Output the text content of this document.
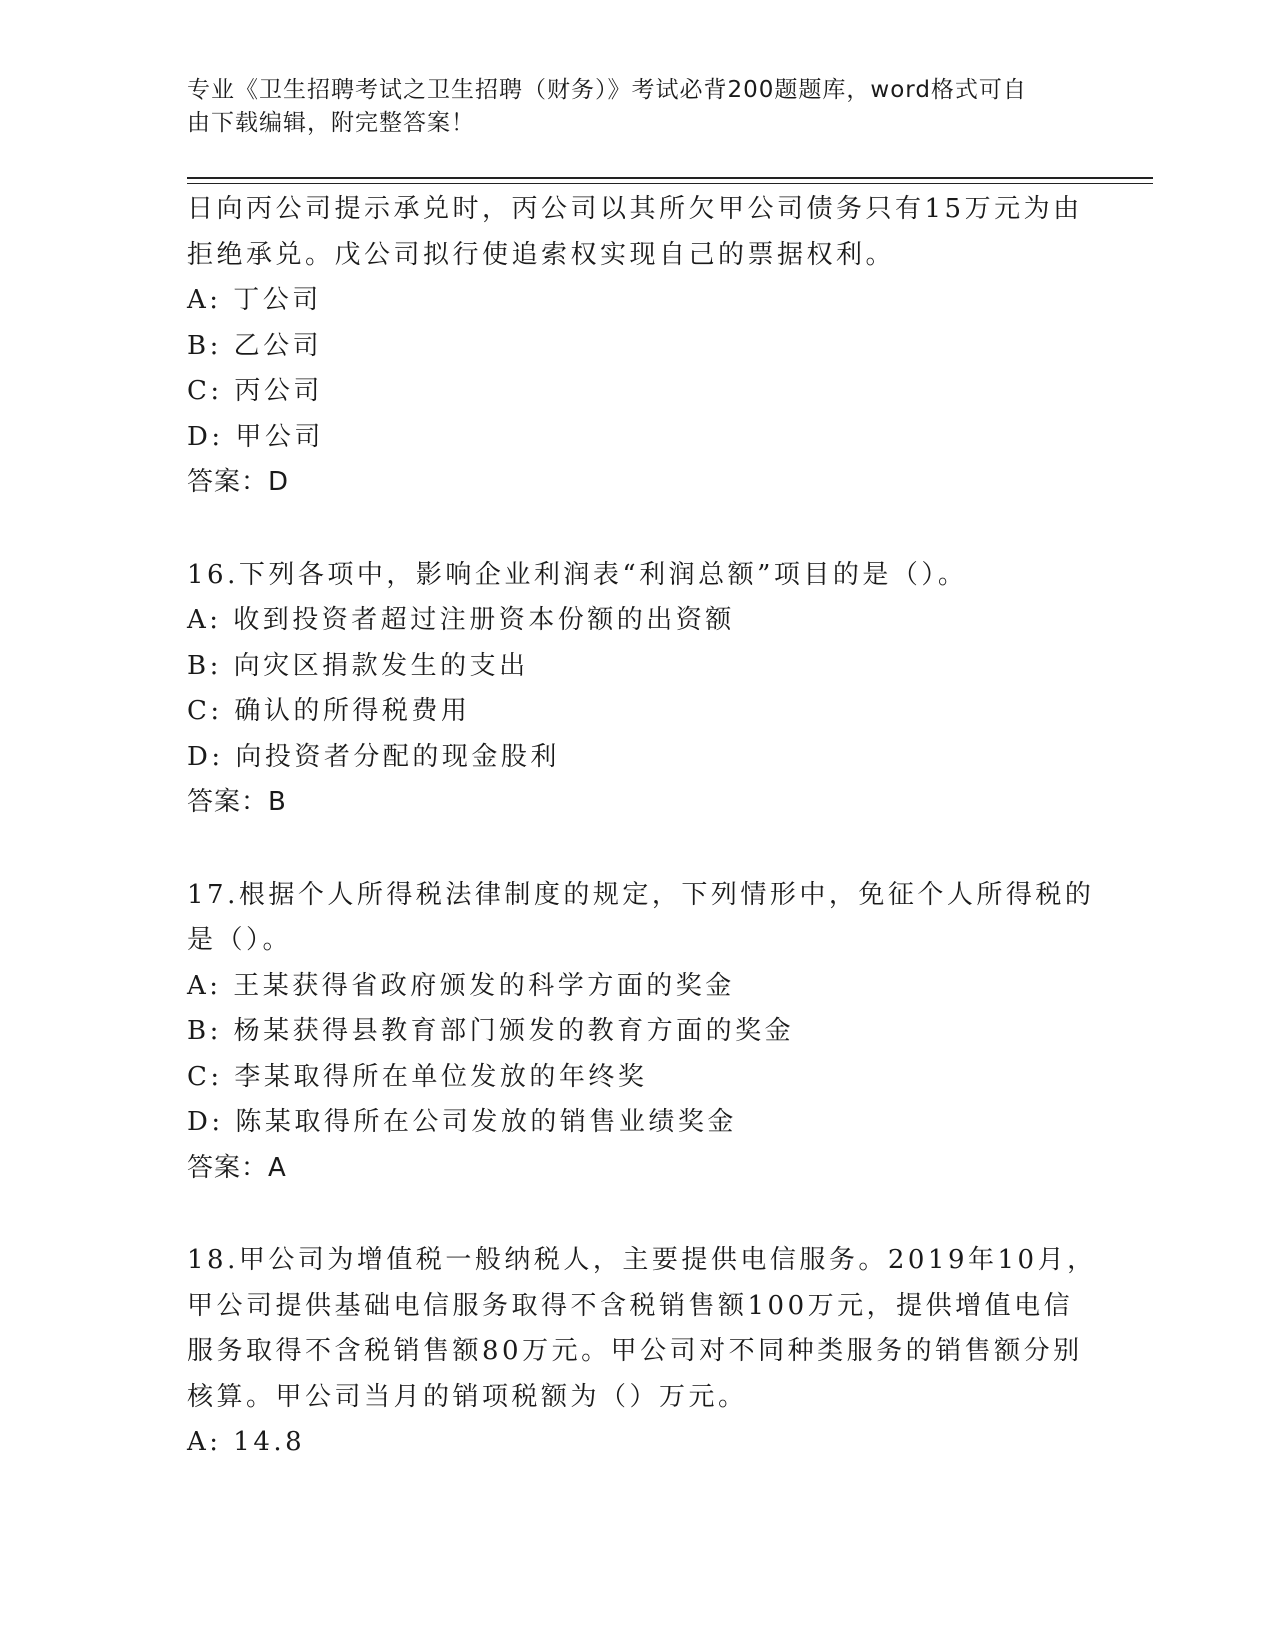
专业《卫生招聘考试之卫生招聘（财务）》考试必背200题题库，word格式可自
由下载编辑，附完整答案！
日向丙公司提示承兑时，丙公司以其所欠甲公司债务只有15万元为由
拒绝承兑。戊公司拟行使追索权实现自己的票据权利。
A: 丁公司
B: 乙公司
C: 丙公司
D: 甲公司
答案：D
16.下列各项中，影响企业利润表“利润总额”项目的是（）。
A: 收到投资者超过注册资本份额的出资额
B: 向灾区捐款发生的支出
C: 确认的所得税费用
D: 向投资者分配的现金股利
答案：B
17.根据个人所得税法律制度的规定，下列情形中，免征个人所得税的
是（）。
A: 王某获得省政府颁发的科学方面的奖金
B: 杨某获得县教育部门颁发的教育方面的奖金
C: 李某取得所在单位发放的年终奖
D: 陈某取得所在公司发放的销售业绩奖金
答案：A
18.甲公司为增值税一般纳税人，主要提供电信服务。2019年10月，
甲公司提供基础电信服务取得不含税销售额100万元，提供增值电信
服务取得不含税销售额80万元。甲公司对不同种类服务的销售额分别
核算。甲公司当月的销项税额为（）万元。
A: 14.8
